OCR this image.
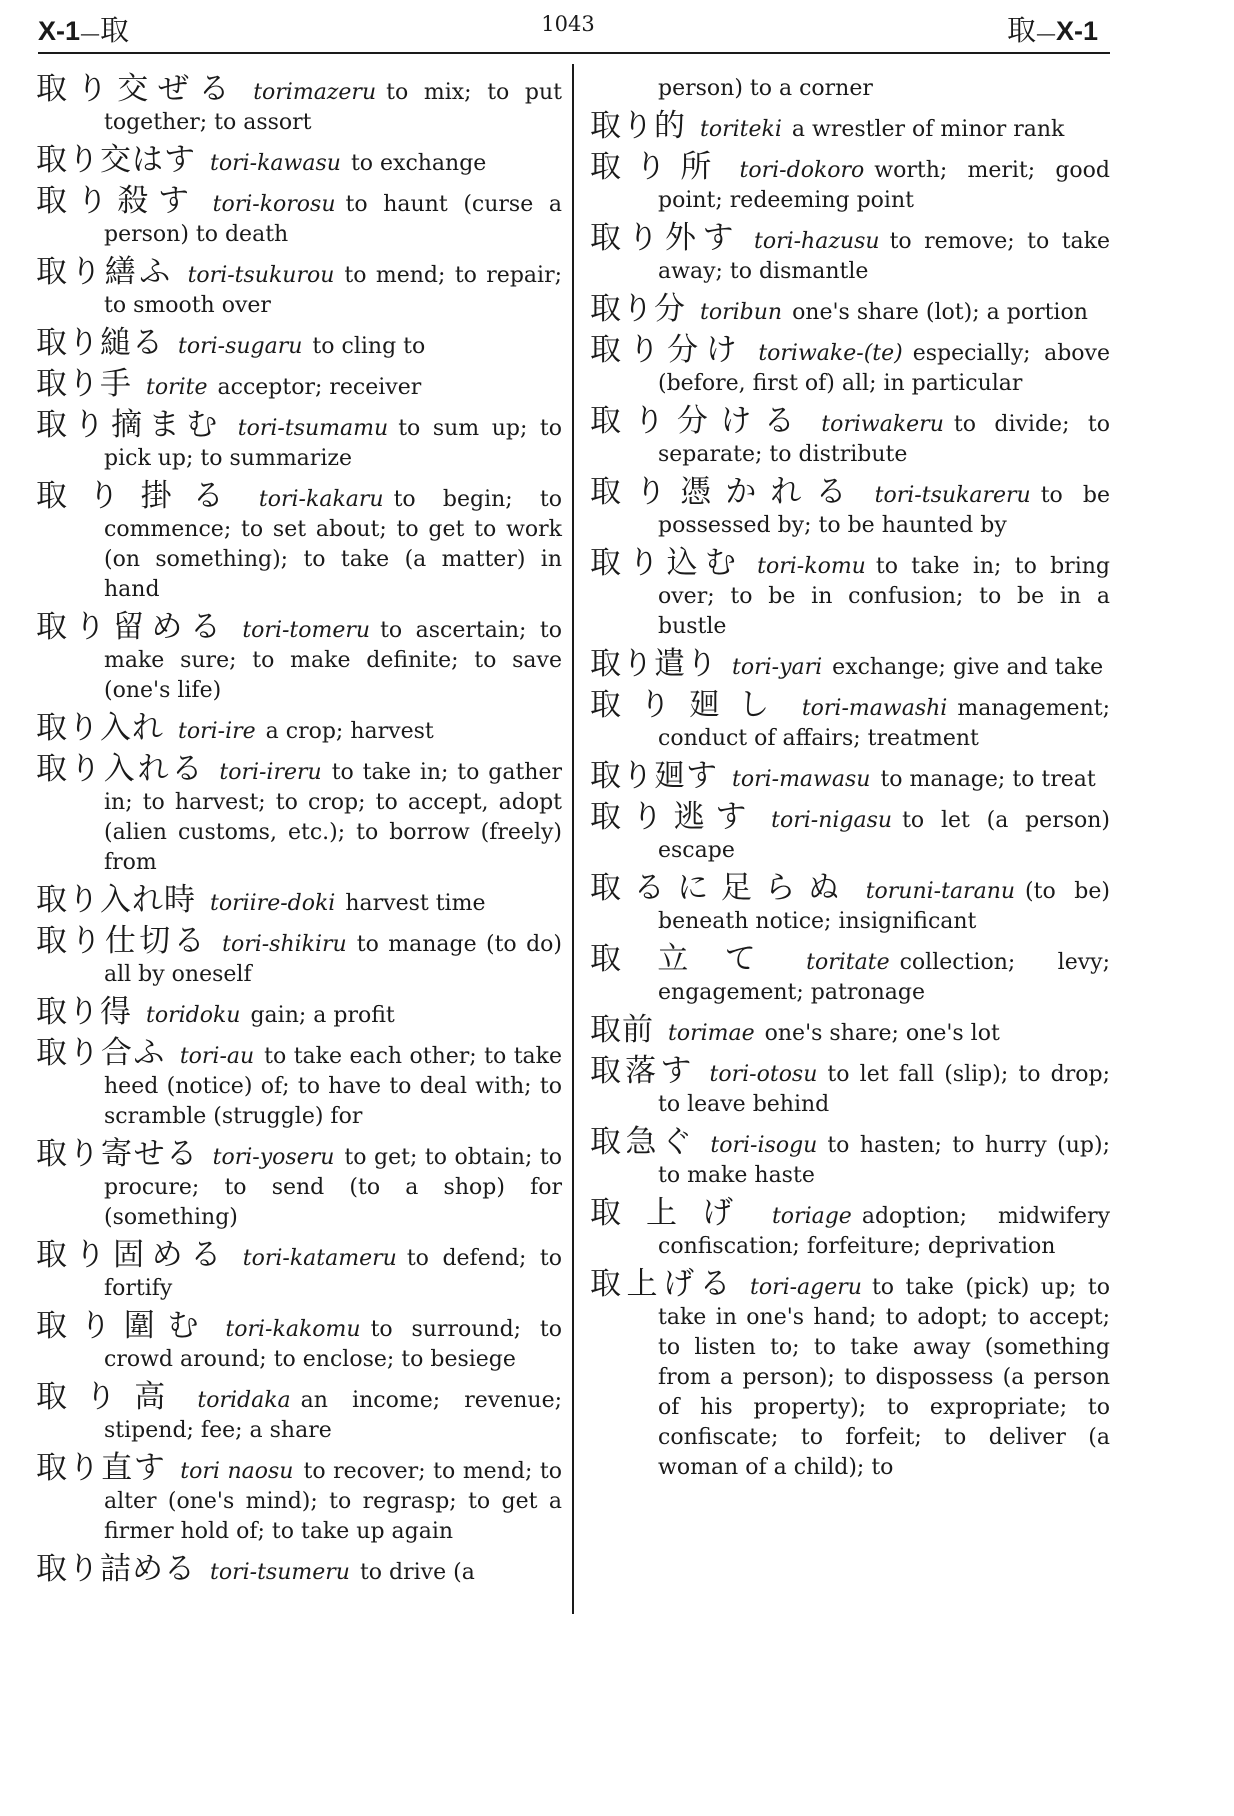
X-1—取	1043	取—X-1

取り交ぜる torimazeru to mix; to put together; to assort

取り交はす tori-kawasu to exchange

取り殺す tori-korosu to haunt (curse a person) to death

取り繕ふ tori-tsukurou to mend; to repair; to smooth over

取り縋る tori-sugaru to cling to

取り手 torite acceptor; receiver

取り摘まむ tori-tsumamu to sum up; to pick up; to summarize

取り掛る tori-kakaru to begin; to commence; to set about; to get to work (on something); to take (a matter) in hand

取り留める tori-tomeru to ascertain; to make sure; to make definite; to save (one's life)

取り入れ tori-ire a crop; harvest

取り入れる tori-ireru to take in; to gather in; to harvest; to crop; to accept, adopt (alien customs, etc.); to borrow (freely) from

取り入れ時 toriire-doki harvest time

取り仕切る tori-shikiru to manage (to do) all by oneself

取り得 toridoku gain; a profit

取り合ふ tori-au to take each other; to take heed (notice) of; to have to deal with; to scramble (struggle) for

取り寄せる tori-yoseru to get; to obtain; to procure; to send (to a shop) for (something)

取り固める tori-katameru to defend; to fortify

取り圍む tori-kakomu to surround; to crowd around; to enclose; to besiege

取り高 toridaka an income; revenue; stipend; fee; a share

取り直す tori naosu to recover; to mend; to alter (one's mind); to regrasp; to get a firmer hold of; to take up again

取り詰める tori-tsumeru to drive (a

person) to a corner

取り的 toriteki a wrestler of minor rank

取り所 tori-dokoro worth; merit; good point; redeeming point

取り外す tori-hazusu to remove; to take away; to dismantle

取り分 toribun one's share (lot); a portion

取り分け toriwake-(te) especially; above (before, first of) all; in particular

取り分ける toriwakeru to divide; to separate; to distribute

取り憑かれる tori-tsukareru to be possessed by; to be haunted by

取り込む tori-komu to take in; to bring over; to be in confusion; to be in a bustle

取り遣り tori-yari exchange; give and take

取り廻し tori-mawashi management; conduct of affairs; treatment

取り廻す tori-mawasu to manage; to treat

取り逃す tori-nigasu to let (a person) escape

取るに足らぬ toruni-taranu (to be) beneath notice; insignificant

取立て toritate collection; levy; engagement; patronage

取前 torimae one's share; one's lot

取落す tori-otosu to let fall (slip); to drop; to leave behind

取急ぐ tori-isogu to hasten; to hurry (up); to make haste

取上げ toriage adoption; midwifery confiscation; forfeiture; deprivation

取上げる tori-ageru to take (pick) up; to take in one's hand; to adopt; to accept; to listen to; to take away (something from a person); to dispossess (a person of his property); to expropriate; to confiscate; to forfeit; to deliver (a woman of a child); to
